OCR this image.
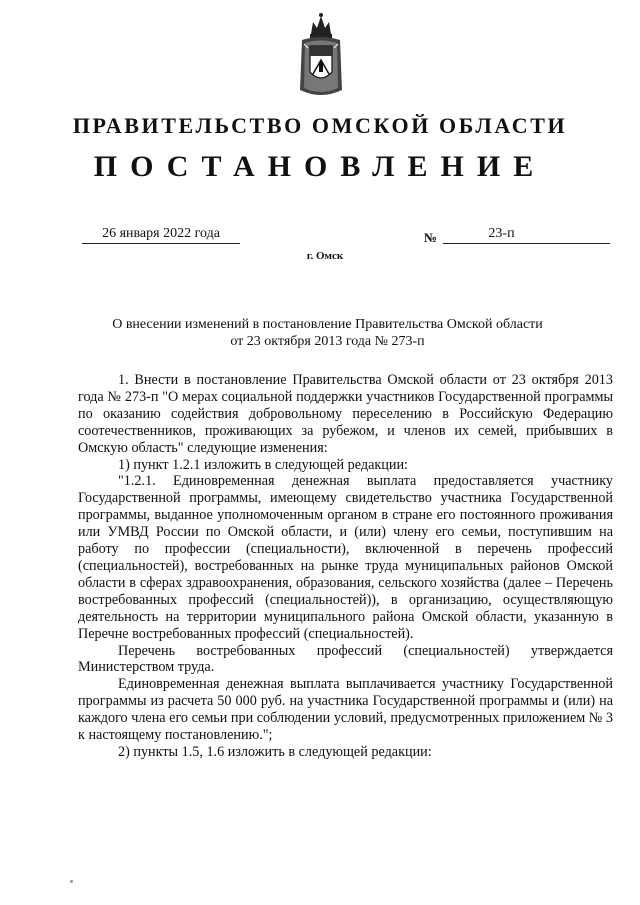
ПРАВИТЕЛЬСТВО ОМСКОЙ ОБЛАСТИ
ПОСТАНОВЛЕНИЕ
26 января 2022 года	№	23-п
г. Омск
О внесении изменений в постановление Правительства Омской области
от 23 октября 2013 года № 273-п

1. Внести в постановление Правительства Омской области от 23 октября 2013 года № 273-п "О мерах социальной поддержки участников Государственной программы по оказанию содействия добровольному переселению в Российскую Федерацию соотечественников, проживающих за рубежом, и членов их семей, прибывших в Омскую область" следующие изменения:

1) пункт 1.2.1 изложить в следующей редакции:

"1.2.1. Единовременная денежная выплата предоставляется участнику Государственной программы, имеющему свидетельство участника Государственной программы, выданное уполномоченным органом в стране его постоянного проживания или УМВД России по Омской области, и (или) члену его семьи, поступившим на работу по профессии (специальности), включенной в перечень профессий (специальностей), востребованных на рынке труда муниципальных районов Омской области в сферах здравоохранения, образования, сельского хозяйства (далее – Перечень востребованных профессий (специальностей)), в организацию, осуществляющую деятельность на территории муниципального района Омской области, указанную в Перечне востребованных профессий (специальностей).

Перечень востребованных профессий (специальностей) утверждается Министерством труда.

Единовременная денежная выплата выплачивается участнику Государственной программы из расчета 50 000 руб. на участника Государственной программы и (или) на каждого члена его семьи при соблюдении условий, предусмотренных приложением № 3 к настоящему постановлению.";

2) пункты 1.5, 1.6 изложить в следующей редакции:
